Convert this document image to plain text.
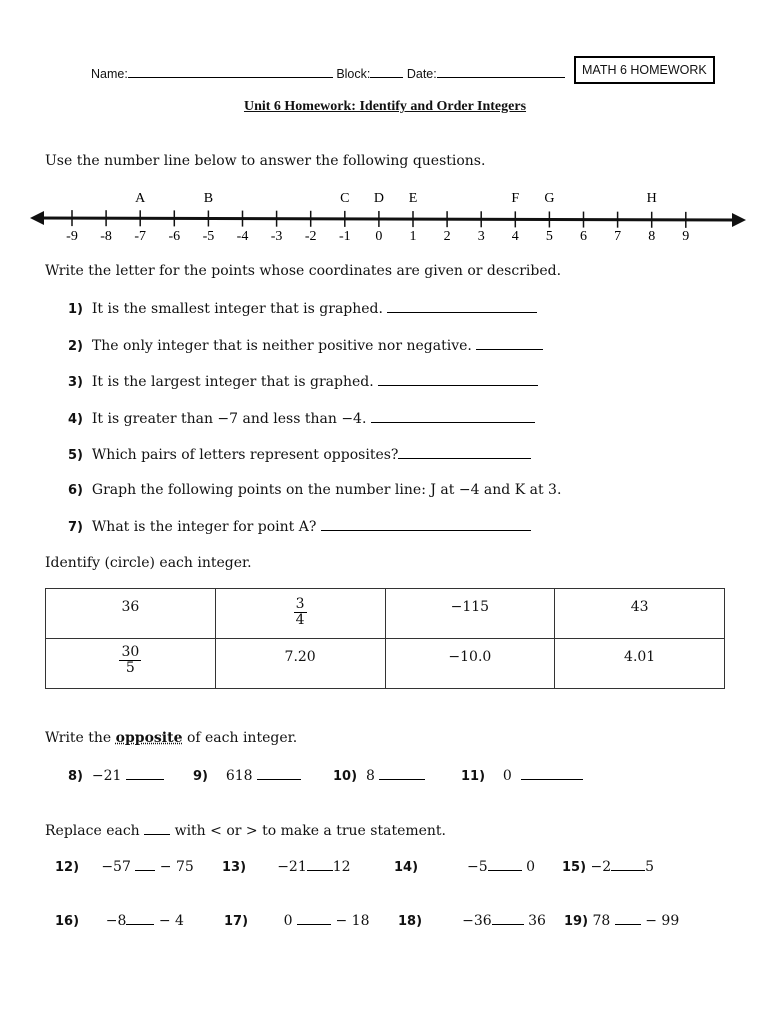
Name:	Block:	Date:	MATH 6 HOMEWORK
Unit 6 Homework: Identify and Order Integers
Use the number line below to answer the following questions.
-9 -8 -7 -6 -5 -4 -3 -2 -1 0 1 2 3 4 5 6 7 8 9
A	B	C D E	F G	H
Write the letter for the points whose coordinates are given or described.
1) It is the smallest integer that is graphed.
2) The only integer that is neither positive nor negative.
3) It is the largest integer that is graphed.
4) It is greater than −7 and less than −4.
5) Which pairs of letters represent opposites?
6) Graph the following points on the number line: J at −4 and K at 3.
7) What is the integer for point A?
Identify (circle) each integer.
36	$\frac{3}{4}$	−115	43

$\frac{30}{5}$	7.20	−10.0	4.01
Write the opposite of each integer.
8) −21	9) 618	10) 8	11) 0
Replace each  with < or > to make a true statement.
12) −57 − 75 13) −21 12	14)	−5	0 15) −2 5
16) −8 − 4	17)	0	− 18 18)	−36	36 19) 78 − 99
